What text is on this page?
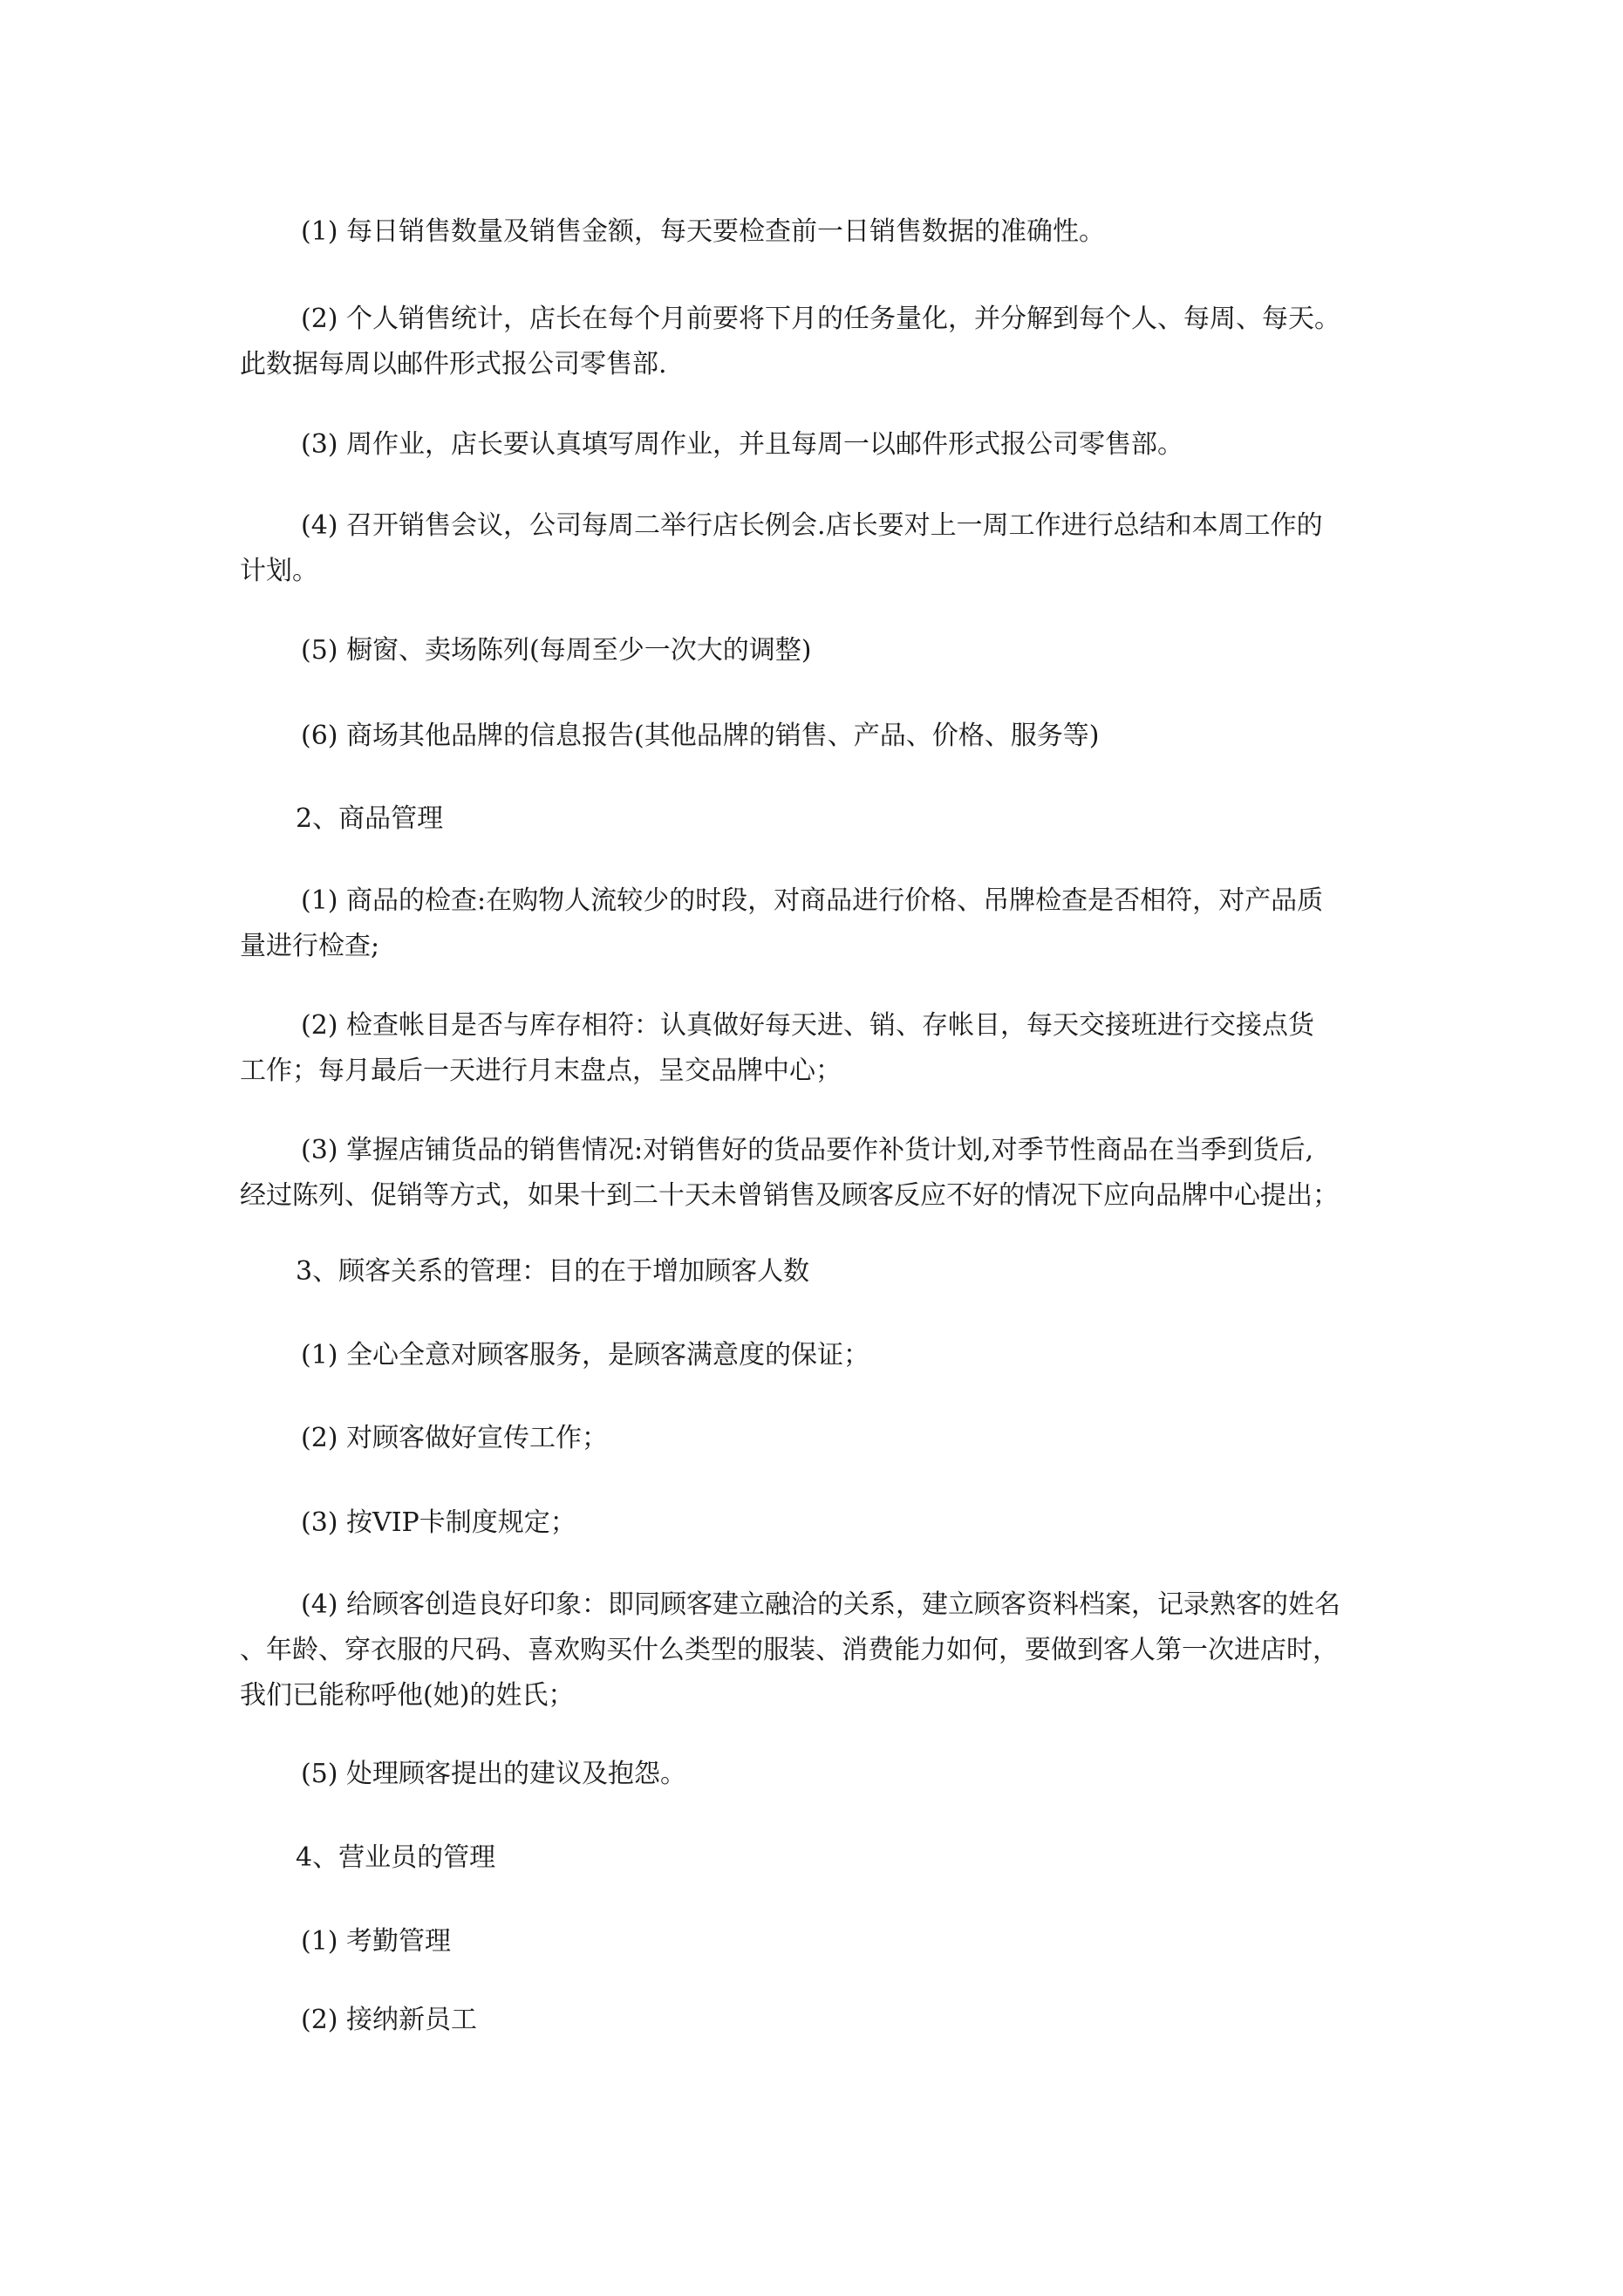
(1) 每日销售数量及销售金额，每天要检查前一日销售数据的准确性。
(2) 个人销售统计，店长在每个月前要将下月的任务量化，并分解到每个人、每周、每天。
此数据每周以邮件形式报公司零售部.
(3) 周作业，店长要认真填写周作业，并且每周一以邮件形式报公司零售部。
(4) 召开销售会议，公司每周二举行店长例会.店长要对上一周工作进行总结和本周工作的
计划。
(5) 橱窗、卖场陈列(每周至少一次大的调整)
(6) 商场其他品牌的信息报告(其他品牌的销售、产品、价格、服务等)
2、商品管理
(1) 商品的检查:在购物人流较少的时段，对商品进行价格、吊牌检查是否相符，对产品质
量进行检查;
(2) 检查帐目是否与库存相符：认真做好每天进、销、存帐目，每天交接班进行交接点货
工作；每月最后一天进行月末盘点，呈交品牌中心；
(3) 掌握店铺货品的销售情况:对销售好的货品要作补货计划,对季节性商品在当季到货后,
经过陈列、促销等方式，如果十到二十天未曾销售及顾客反应不好的情况下应向品牌中心提出；
3、顾客关系的管理：目的在于增加顾客人数
(1) 全心全意对顾客服务，是顾客满意度的保证；
(2) 对顾客做好宣传工作；
(3) 按VIP卡制度规定；
(4) 给顾客创造良好印象：即同顾客建立融洽的关系，建立顾客资料档案，记录熟客的姓名
、年龄、穿衣服的尺码、喜欢购买什么类型的服装、消费能力如何，要做到客人第一次进店时，
我们已能称呼他(她)的姓氏；
(5) 处理顾客提出的建议及抱怨。
4、营业员的管理
(1) 考勤管理
(2) 接纳新员工
